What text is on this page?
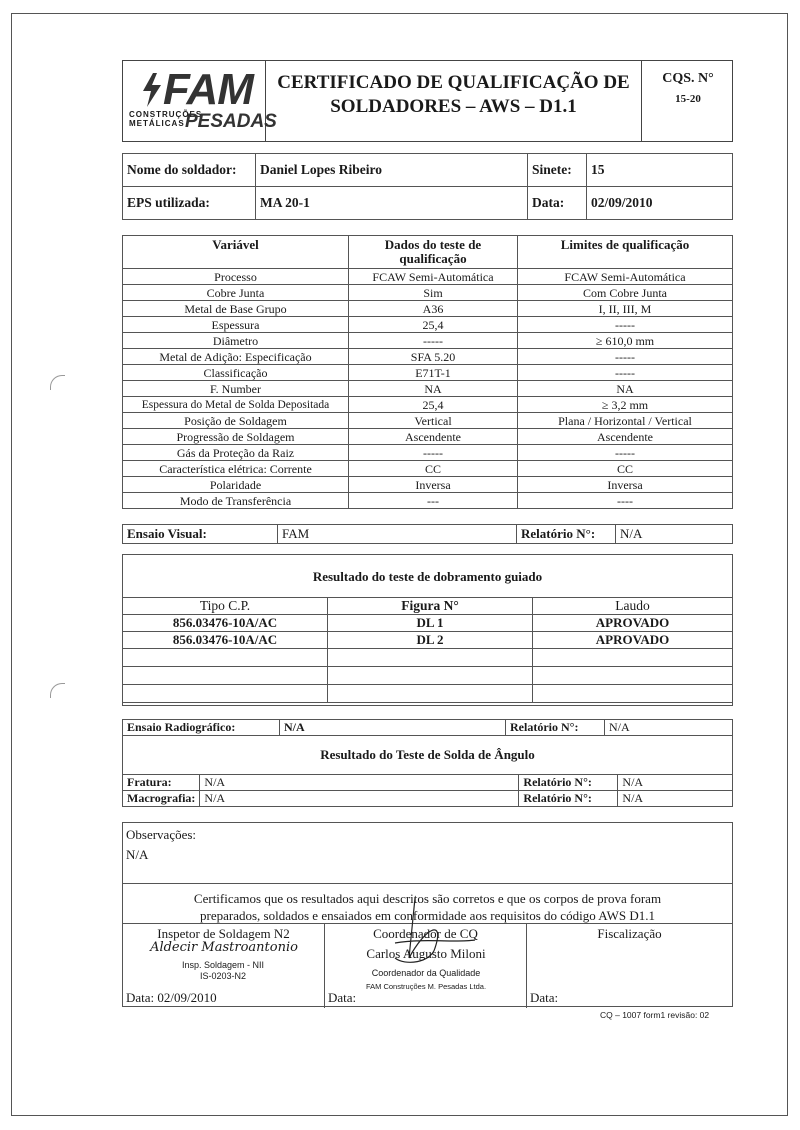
FAM
CONSTRUÇÕES
METÁLICAS PESADAS
CERTIFICADO DE QUALIFICAÇÃO DE
SOLDADORES – AWS – D1.1
CQS. N°
15-20
Nome do soldador:	Daniel Lopes Ribeiro	Sinete:	15
EPS utilizada:	MA 20-1	Data:	02/09/2010
Variável	Dados do teste de qualificação	Limites de qualificação
Processo	FCAW Semi-Automática	FCAW Semi-Automática
Cobre Junta	Sim	Com Cobre Junta
Metal de Base Grupo	A36	I, II, III, M
Espessura	25,4	-----
Diâmetro	-----	≥ 610,0 mm
Metal de Adição: Especificação	SFA 5.20	-----
Classificação	E71T-1	-----
F. Number	NA	NA
Espessura do Metal de Solda Depositada	25,4	≥ 3,2 mm
Posição de Soldagem	Vertical	Plana / Horizontal / Vertical
Progressão de Soldagem	Ascendente	Ascendente
Gás da Proteção da Raiz	-----	-----
Característica elétrica: Corrente	CC	CC
Polaridade	Inversa	Inversa
Modo de Transferência	---	----
Ensaio Visual:	FAM	Relatório N°:	N/A
Resultado do teste de dobramento guiado
Tipo C.P.	Figura N°	Laudo
856.03476-10A/AC	DL 1	APROVADO
856.03476-10A/AC	DL 2	APROVADO

Ensaio Radiográfico:	N/A	Relatório N°:	N/A
Resultado do Teste de Solda de Ângulo
Fratura:	N/A	Relatório N°:	N/A
Macrografia:	N/A	Relatório N°:	N/A
Observações:
N/A
Certificamos que os resultados aqui descritos são corretos e que os corpos de prova foram
preparados, soldados e ensaiados em conformidade aos requisitos do código AWS D1.1
Inspetor de Soldagem N2
Aldecir Mastroantonio
Insp. Soldagem - NII
IS-0203-N2
Data: 02/09/2010
Coordenador de CQ
Carlos Augusto Miloni
Coordenador da Qualidade
FAM Construções M. Pesadas Ltda.
Data:
Fiscalização
Data:
CQ – 1007 form1 revisão: 02
